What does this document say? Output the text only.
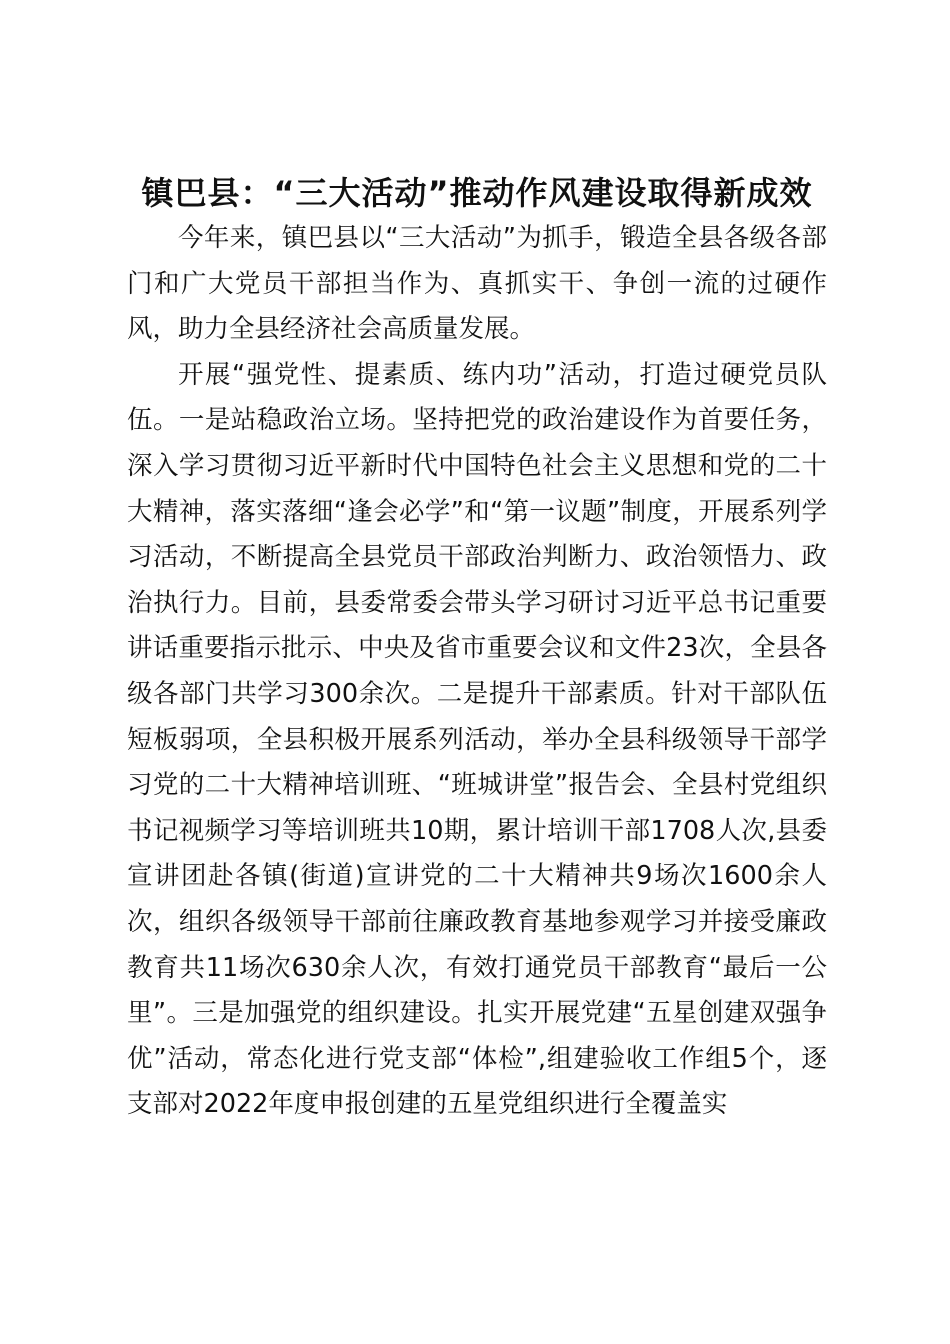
镇巴县：“三大活动”推动作风建设取得新成效

今年来，镇巴县以“三大活动”为抓手，锻造全县各级各部门和广大党员干部担当作为、真抓实干、争创一流的过硬作风，助力全县经济社会高质量发展。

开展“强党性、提素质、练内功”活动，打造过硬党员队伍。一是站稳政治立场。坚持把党的政治建设作为首要任务，深入学习贯彻习近平新时代中国特色社会主义思想和党的二十大精神，落实落细“逢会必学”和“第一议题”制度，开展系列学习活动，不断提高全县党员干部政治判断力、政治领悟力、政治执行力。目前，县委常委会带头学习研讨习近平总书记重要讲话重要指示批示、中央及省市重要会议和文件23次，全县各级各部门共学习300余次。二是提升干部素质。针对干部队伍短板弱项，全县积极开展系列活动，举办全县科级领导干部学习党的二十大精神培训班、“班城讲堂”报告会、全县村党组织书记视频学习等培训班共10期，累计培训干部1708人次,县委宣讲团赴各镇(街道)宣讲党的二十大精神共9场次1600余人次，组织各级领导干部前往廉政教育基地参观学习并接受廉政教育共11场次630余人次，有效打通党员干部教育“最后一公里”。三是加强党的组织建设。扎实开展党建“五星创建双强争优”活动，常态化进行党支部“体检”,组建验收工作组5个，逐支部对2022年度申报创建的五星党组织进行全覆盖实
